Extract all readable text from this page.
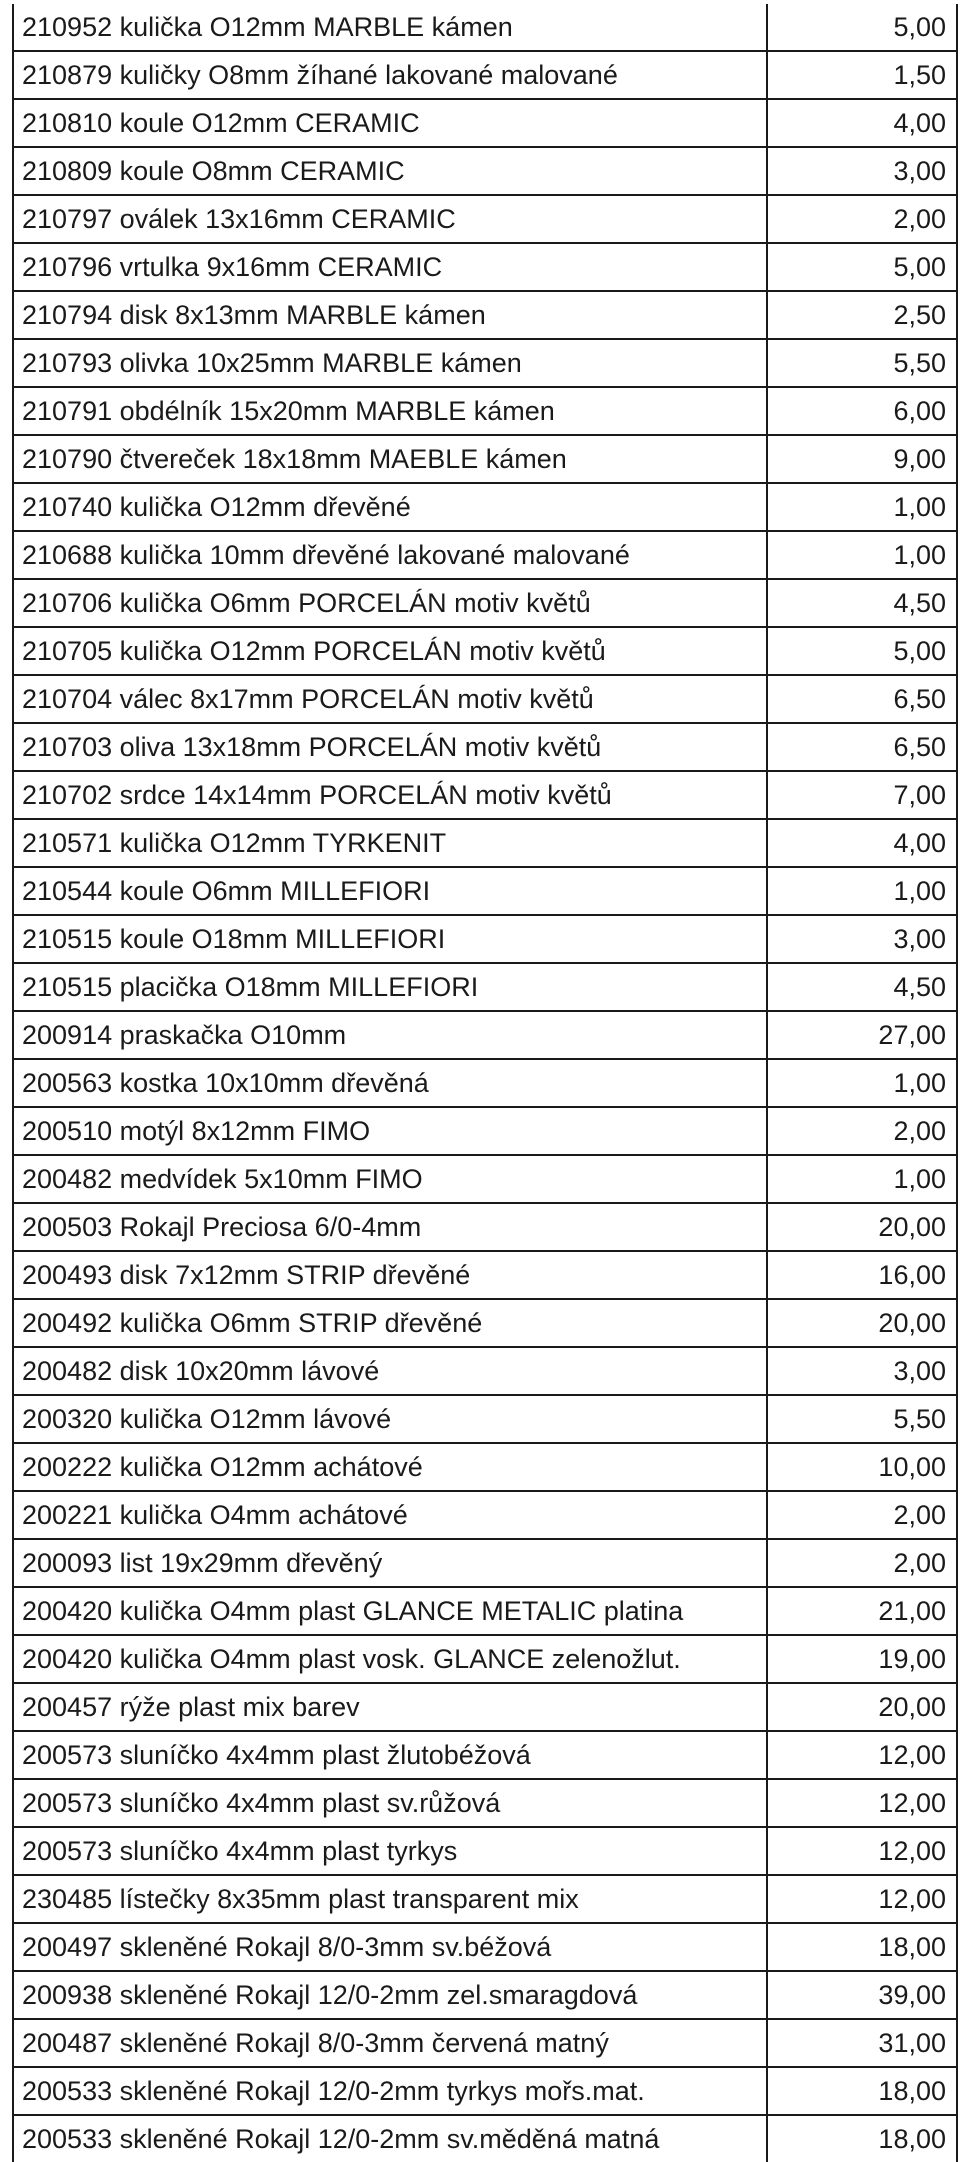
210952 kulička O12mm MARBLE kámen	5,00
210879 kuličky O8mm žíhané lakované malované	1,50
210810 koule O12mm CERAMIC	4,00
210809 koule O8mm CERAMIC	3,00
210797 oválek 13x16mm CERAMIC	2,00
210796 vrtulka 9x16mm CERAMIC	5,00
210794 disk 8x13mm MARBLE kámen	2,50
210793 olivka 10x25mm MARBLE kámen	5,50
210791 obdélník 15x20mm MARBLE kámen	6,00
210790 čtvereček 18x18mm MAEBLE kámen	9,00
210740 kulička O12mm dřevěné	1,00
210688 kulička 10mm dřevěné lakované malované	1,00
210706 kulička O6mm PORCELÁN motiv květů	4,50
210705 kulička O12mm PORCELÁN motiv květů	5,00
210704 válec 8x17mm PORCELÁN motiv květů	6,50
210703 oliva 13x18mm PORCELÁN motiv květů	6,50
210702 srdce 14x14mm PORCELÁN motiv květů	7,00
210571 kulička O12mm TYRKENIT	4,00
210544 koule O6mm MILLEFIORI	1,00
210515 koule O18mm MILLEFIORI	3,00
210515 placička O18mm MILLEFIORI	4,50
200914 praskačka O10mm	27,00
200563 kostka 10x10mm dřevěná	1,00
200510 motýl 8x12mm FIMO	2,00
200482 medvídek 5x10mm FIMO	1,00
200503 Rokajl Preciosa 6/0-4mm	20,00
200493 disk 7x12mm STRIP dřevěné	16,00
200492 kulička O6mm STRIP dřevěné	20,00
200482 disk 10x20mm lávové	3,00
200320 kulička O12mm lávové	5,50
200222 kulička O12mm achátové	10,00
200221 kulička O4mm achátové	2,00
200093 list 19x29mm dřevěný	2,00
200420 kulička O4mm plast GLANCE METALIC platina	21,00
200420 kulička O4mm plast vosk. GLANCE zelenožlut.	19,00
200457 rýže plast mix barev	20,00
200573 sluníčko 4x4mm plast žlutobéžová	12,00
200573 sluníčko 4x4mm plast sv.růžová	12,00
200573 sluníčko 4x4mm plast tyrkys	12,00
230485 lístečky 8x35mm plast transparent mix	12,00
200497 skleněné Rokajl 8/0-3mm sv.béžová	18,00
200938 skleněné Rokajl 12/0-2mm zel.smaragdová	39,00
200487 skleněné Rokajl 8/0-3mm červená matný	31,00
200533 skleněné Rokajl 12/0-2mm tyrkys mořs.mat.	18,00
200533 skleněné Rokajl 12/0-2mm sv.měděná matná	18,00
